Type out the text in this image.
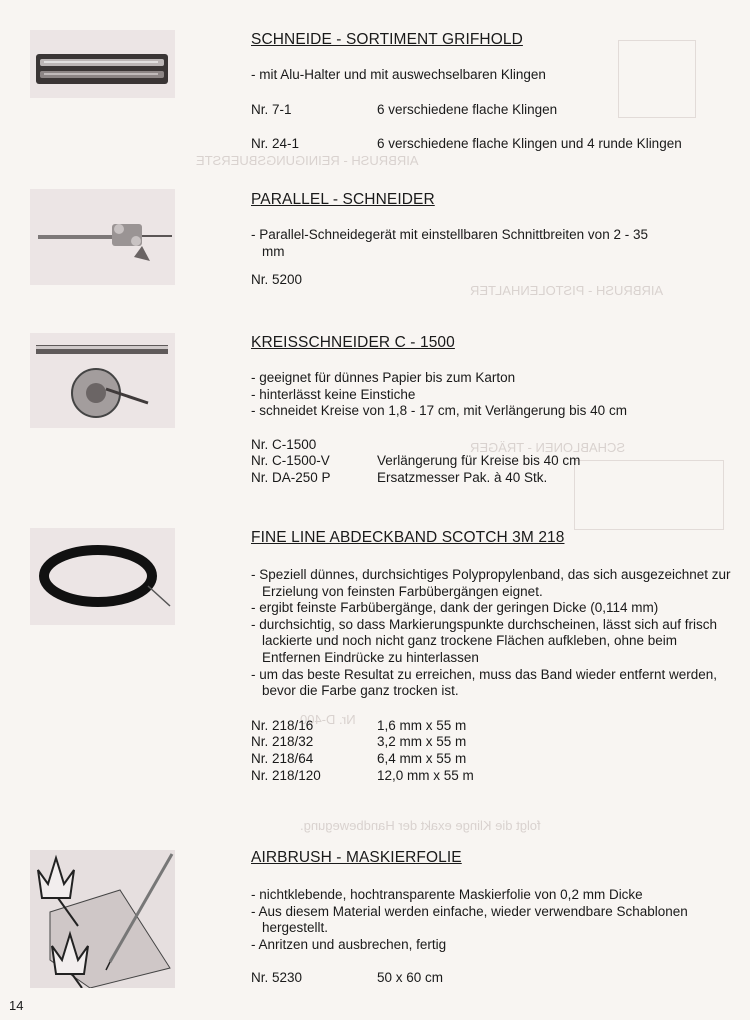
AIRBRUSH - REINIGUNGSBUERSTE
AIRBRUSH - PISTOLENHALTER
SCHABLONEN - TRÄGER
Nr. D-400
folgt die Klinge exakt der Handbewegung.
SCHNEIDE - SORTIMENT GRIFHOLD
- mit Alu-Halter und mit auswechselbaren Klingen
Nr. 7-1	6 verschiedene flache Klingen
Nr. 24-1	6 verschiedene flache Klingen und 4 runde Klingen
PARALLEL - SCHNEIDER
- Parallel-Schneidegerät mit einstellbaren Schnittbreiten von 2 - 35 mm
Nr. 5200
KREISSCHNEIDER C - 1500
- geeignet für dünnes Papier bis zum Karton
- hinterlässt keine Einstiche
- schneidet Kreise von 1,8 - 17 cm, mit Verlängerung bis 40 cm
Nr. C-1500
Nr. C-1500-V	Verlängerung für Kreise bis 40 cm
Nr. DA-250 P	Ersatzmesser Pak. à 40 Stk.
FINE LINE ABDECKBAND SCOTCH 3M 218
- Speziell dünnes, durchsichtiges Polypropylenband, das sich ausgezeichnet zur Erzielung von feinsten Farbübergängen eignet.
- ergibt feinste Farbübergänge, dank der geringen Dicke (0,114 mm)
- durchsichtig, so dass Markierungspunkte durchscheinen, lässt sich auf frisch lackierte und noch nicht ganz trockene Flächen aufkleben, ohne beim Entfernen Eindrücke zu hinterlassen
- um das beste Resultat zu erreichen, muss das Band wieder entfernt werden, bevor die Farbe ganz trocken ist.
Nr. 218/16	1,6 mm x 55 m
Nr. 218/32	3,2 mm x 55 m
Nr. 218/64	6,4 mm x 55 m
Nr. 218/120	12,0 mm x 55 m
AIRBRUSH - MASKIERFOLIE
- nichtklebende, hochtransparente Maskierfolie von 0,2 mm Dicke
- Aus diesem Material werden einfache, wieder verwendbare Schablonen hergestellt.
- Anritzen und ausbrechen, fertig
Nr. 5230	50 x 60 cm
14
